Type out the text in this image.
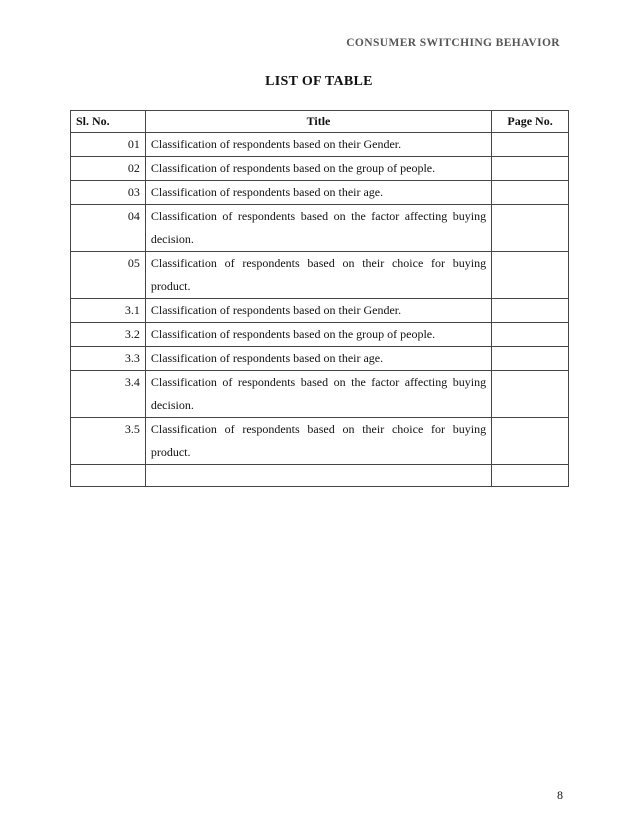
CONSUMER SWITCHING BEHAVIOR
LIST OF TABLE
Sl. No.	Title	Page No.
01	Classification of respondents based on their Gender.	
02	Classification of respondents based on the group of people.	
03	Classification of respondents based on their age.	
04	Classification of respondents based on the factor affecting buying decision.	
05	Classification of respondents based on their choice for buying product.	
3.1	Classification of respondents based on their Gender.	
3.2	Classification of respondents based on the group of people.	
3.3	Classification of respondents based on their age.	
3.4	Classification of respondents based on the factor affecting buying decision.	
3.5	Classification of respondents based on their choice for buying product.	

8
